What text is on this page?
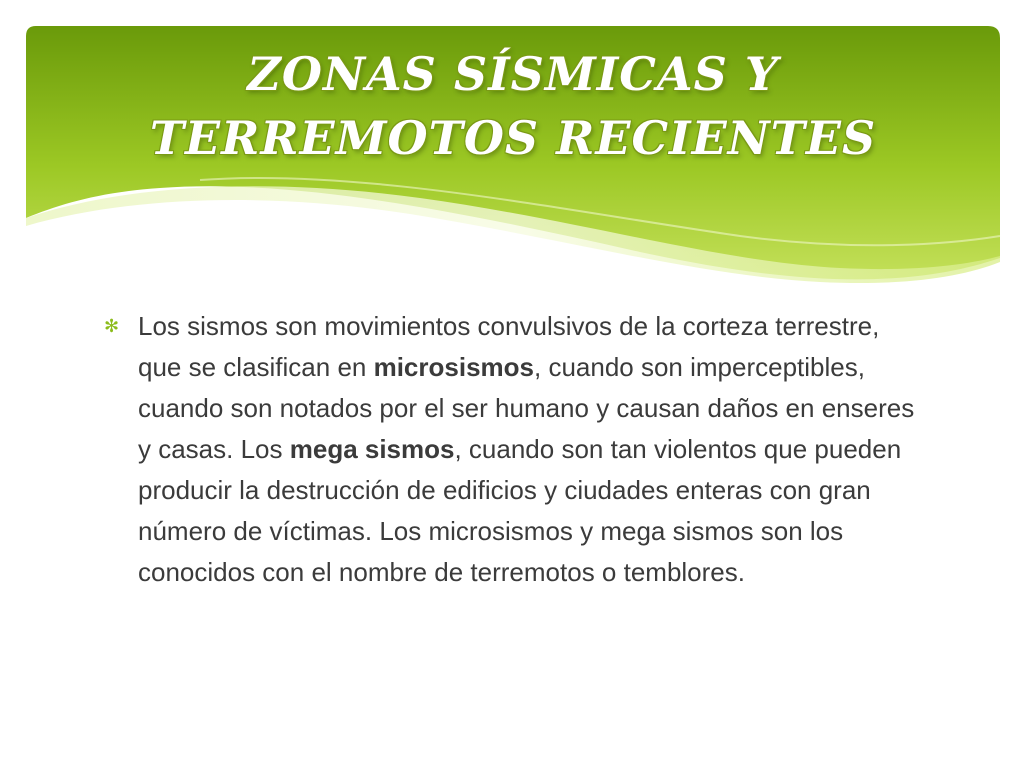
ZONAS SÍSMICAS Y TERREMOTOS RECIENTES
✻ Los sismos son movimientos convulsivos de la corteza terrestre, que se clasifican en microsismos, cuando son imperceptibles, cuando son notados por el ser humano y causan daños en enseres y casas. Los mega sismos, cuando son tan violentos que pueden producir la destrucción de edificios y ciudades enteras con gran número de víctimas. Los microsismos y mega sismos son los conocidos con el nombre de terremotos o temblores.
